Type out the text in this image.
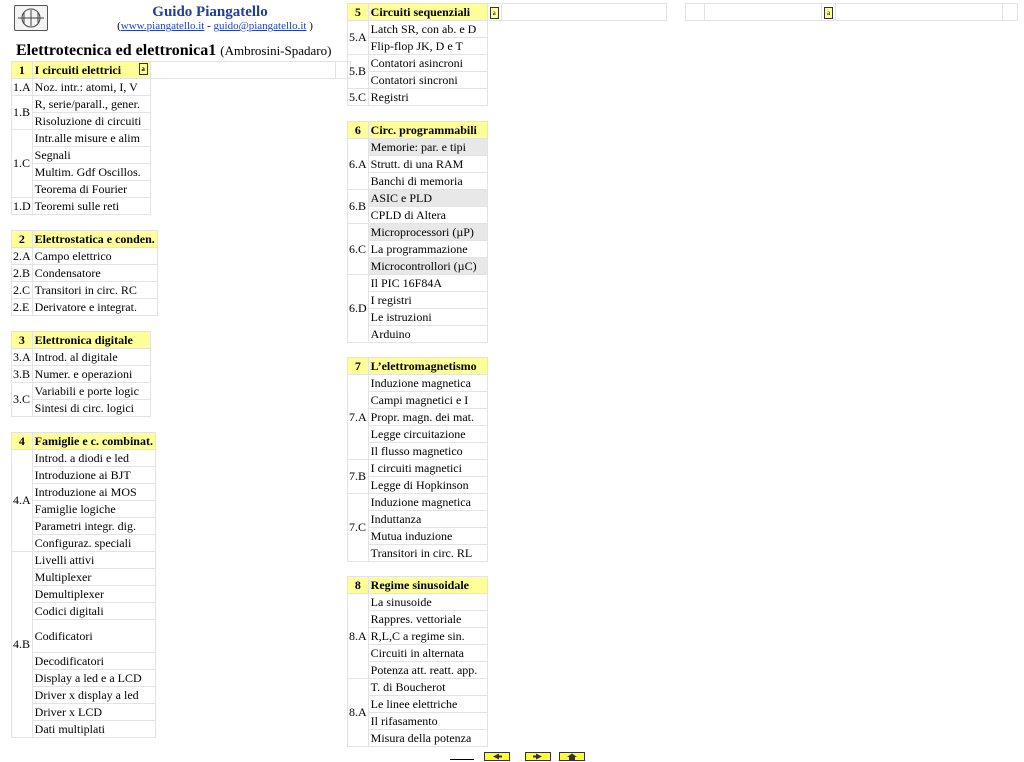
Guido Piangatello
(www.piangatello.it - guido@piangatello.it )
Elettrotecnica ed elettronica1 (Ambrosini-Spadaro)
1	I circuiti elettrici a		

1.A	Noz. intr.: atomi, I, V		
1.B	R, serie/parall., gener.		
	Risoluzione di circuiti		
1.C	Intr.alle misure e alim		
	Segnali		
	Multim. Gdf Oscillos.		
	Teorema di Fourier		
1.D	Teoremi sulle reti		
2	Elettrostatica e conden.
2.A	Campo elettrico
2.B	Condensatore
2.C	Transitori in circ. RC
2.E	Derivatore e integrat.
3	Elettronica digitale
3.A	Introd. al digitale
3.B	Numer. e operazioni
3.C	Variabili e porte logic
	Sintesi di circ. logici
4	Famiglie e c. combinat.
4.A	Introd. a diodi e led
	Introduzione ai BJT
	Introduzione ai MOS
	Famiglie logiche
	Parametri integr. dig.
	Configuraz. speciali
4.B	Livelli attivi
	Multiplexer
	Demultiplexer
	Codici digitali
	Codificatori
	Decodificatori
	Display a led e a LCD
	Driver x display a led
	Driver x LCD
	Dati multiplati
5	Circuiti sequenziali	a	
5.A	Latch SR, con ab. e D		
	Flip-flop JK, D e T		
5.B	Contatori asincroni		
	Contatori sincroni		
5.C	Registri		
		a		
6	Circ. programmabili
6.A	Memorie: par. e tipi
	Strutt. di una RAM
	Banchi di memoria
6.B	ASIC e PLD
	CPLD di Altera
6.C	Microprocessori (µP)
	La programmazione
	Microcontrollori (µC)
6.D	Il PIC 16F84A
	I registri
	Le istruzioni
	Arduino
7	L’elettromagnetismo
7.A	Induzione magnetica
	Campi magnetici e I
	Propr. magn. dei mat.
	Legge circuitazione
	Il flusso magnetico
7.B	I circuiti magnetici
	Legge di Hopkinson
7.C	Induzione magnetica
	Induttanza
	Mutua induzione
	Transitori in circ. RL
8	Regime sinusoidale
8.A	La sinusoide
	Rappres. vettoriale
	R,L,C a regime sin.
	Circuiti in alternata
	Potenza att. reatt. app.
8.A	T. di Boucherot
	Le linee elettriche
	Il rifasamento
	Misura della potenza
